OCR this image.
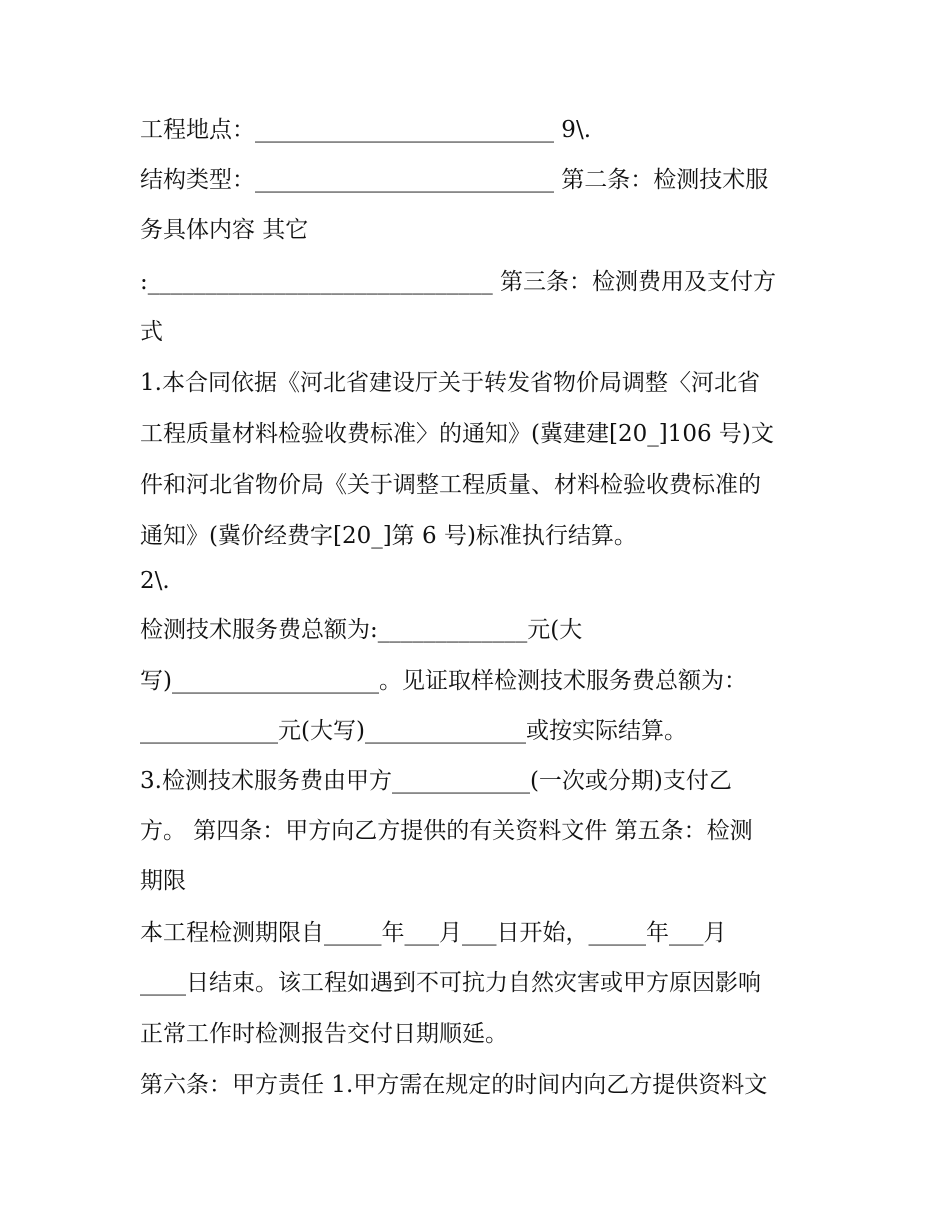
工程地点：__________________________ 9\.
结构类型：__________________________ 第二条：检测技术服
务具体内容 其它
:______________________________ 第三条：检测费用及支付方
式
1.本合同依据《河北省建设厅关于转发省物价局调整〈河北省
工程质量材料检验收费标准〉的通知》(冀建建[20_]106 号)文
件和河北省物价局《关于调整工程质量、材料检验收费标准的
通知》(冀价经费字[20_]第 6 号)标准执行结算。
2\.
检测技术服务费总额为:_____________元(大
写)__________________。见证取样检测技术服务费总额为：
____________元(大写)______________或按实际结算。
3.检测技术服务费由甲方____________(一次或分期)支付乙
方。 第四条：甲方向乙方提供的有关资料文件 第五条：检测
期限
本工程检测期限自_____年___月___日开始，_____年___月
____日结束。该工程如遇到不可抗力自然灾害或甲方原因影响
正常工作时检测报告交付日期顺延。
第六条：甲方责任 1.甲方需在规定的时间内向乙方提供资料文
